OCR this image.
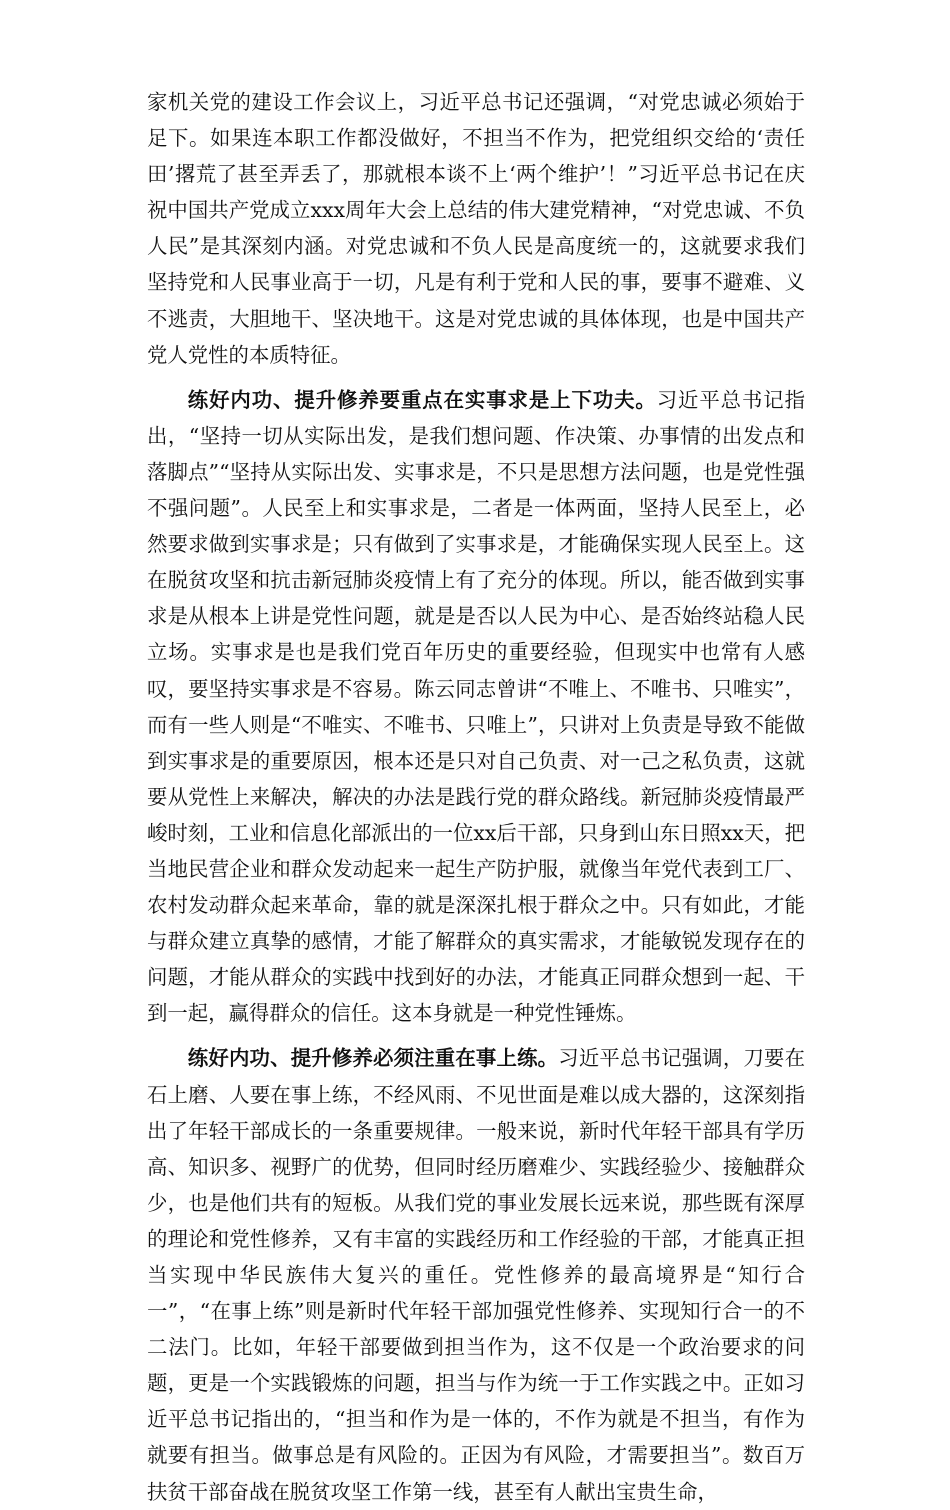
家机关党的建设工作会议上，习近平总书记还强调，“对党忠诚必须始于足下。如果连本职工作都没做好，不担当不作为，把党组织交给的‘责任田’撂荒了甚至弄丢了，那就根本谈不上‘两个维护’！”习近平总书记在庆祝中国共产党成立xxx周年大会上总结的伟大建党精神，“对党忠诚、不负人民”是其深刻内涵。对党忠诚和不负人民是高度统一的，这就要求我们坚持党和人民事业高于一切，凡是有利于党和人民的事，要事不避难、义不逃责，大胆地干、坚决地干。这是对党忠诚的具体体现，也是中国共产党人党性的本质特征。

练好内功、提升修养要重点在实事求是上下功夫。习近平总书记指出，“坚持一切从实际出发，是我们想问题、作决策、办事情的出发点和落脚点”“坚持从实际出发、实事求是，不只是思想方法问题，也是党性强不强问题”。人民至上和实事求是，二者是一体两面，坚持人民至上，必然要求做到实事求是；只有做到了实事求是，才能确保实现人民至上。这在脱贫攻坚和抗击新冠肺炎疫情上有了充分的体现。所以，能否做到实事求是从根本上讲是党性问题，就是是否以人民为中心、是否始终站稳人民立场。实事求是也是我们党百年历史的重要经验，但现实中也常有人感叹，要坚持实事求是不容易。陈云同志曾讲“不唯上、不唯书、只唯实”，而有一些人则是“不唯实、不唯书、只唯上”，只讲对上负责是导致不能做到实事求是的重要原因，根本还是只对自己负责、对一己之私负责，这就要从党性上来解决，解决的办法是践行党的群众路线。新冠肺炎疫情最严峻时刻，工业和信息化部派出的一位xx后干部，只身到山东日照xx天，把当地民营企业和群众发动起来一起生产防护服，就像当年党代表到工厂、农村发动群众起来革命，靠的就是深深扎根于群众之中。只有如此，才能与群众建立真挚的感情，才能了解群众的真实需求，才能敏锐发现存在的问题，才能从群众的实践中找到好的办法，才能真正同群众想到一起、干到一起，赢得群众的信任。这本身就是一种党性锤炼。

练好内功、提升修养必须注重在事上练。习近平总书记强调，刀要在石上磨、人要在事上练，不经风雨、不见世面是难以成大器的，这深刻指出了年轻干部成长的一条重要规律。一般来说，新时代年轻干部具有学历高、知识多、视野广的优势，但同时经历磨难少、实践经验少、接触群众少，也是他们共有的短板。从我们党的事业发展长远来说，那些既有深厚的理论和党性修养，又有丰富的实践经历和工作经验的干部，才能真正担当实现中华民族伟大复兴的重任。党性修养的最高境界是“知行合一”，“在事上练”则是新时代年轻干部加强党性修养、实现知行合一的不二法门。比如，年轻干部要做到担当作为，这不仅是一个政治要求的问题，更是一个实践锻炼的问题，担当与作为统一于工作实践之中。正如习近平总书记指出的，“担当和作为是一体的，不作为就是不担当，有作为就要有担当。做事总是有风险的。正因为有风险，才需要担当”。数百万扶贫干部奋战在脱贫攻坚工作第一线，甚至有人献出宝贵生命，
